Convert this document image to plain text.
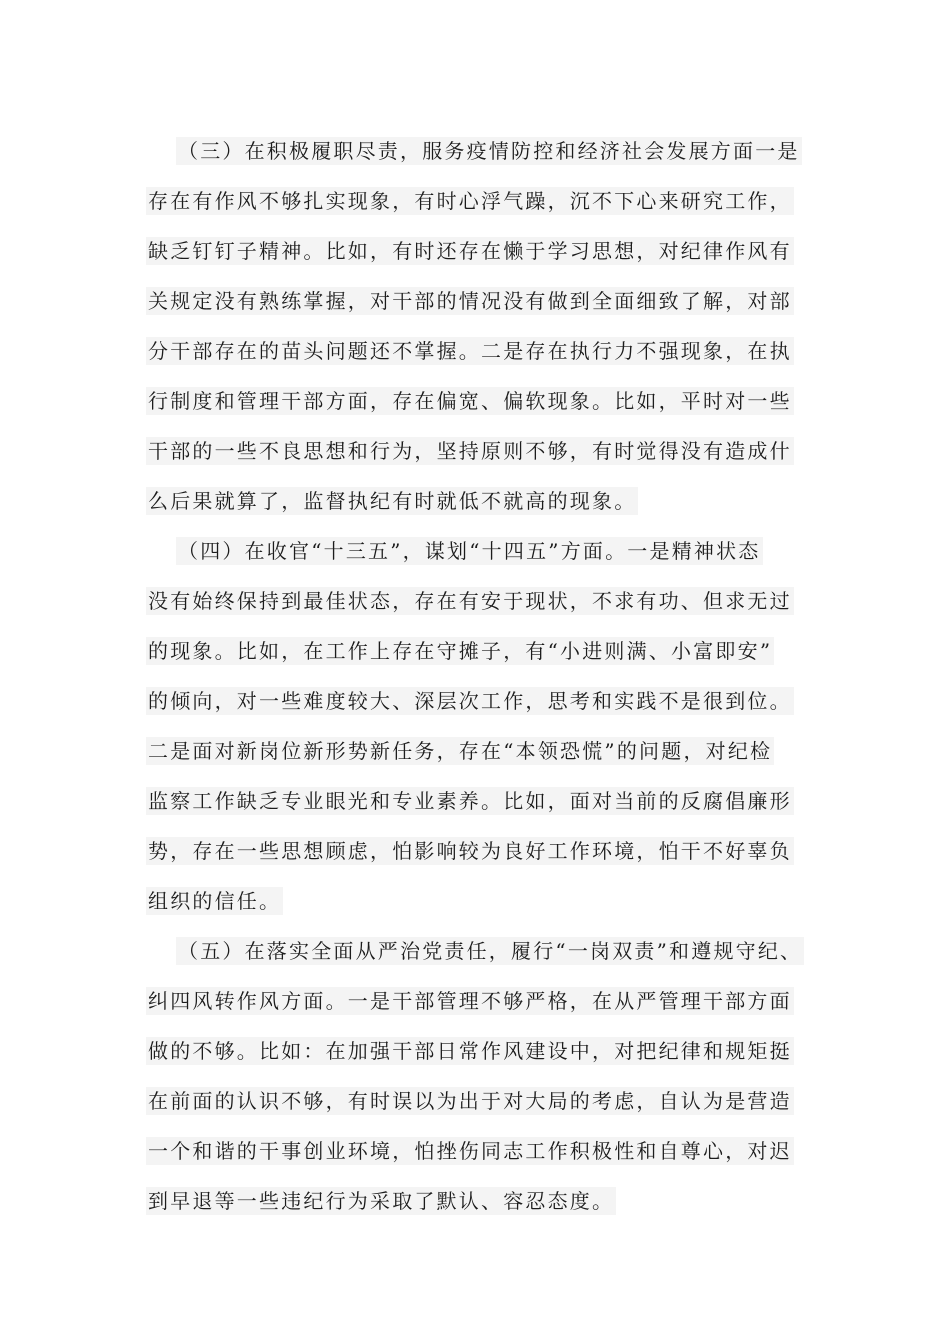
（三）在积极履职尽责，服务疫情防控和经济社会发展方面一是
存在有作风不够扎实现象，有时心浮气躁，沉不下心来研究工作，
缺乏钉钉子精神。比如，有时还存在懒于学习思想，对纪律作风有
关规定没有熟练掌握，对干部的情况没有做到全面细致了解，对部
分干部存在的苗头问题还不掌握。二是存在执行力不强现象，在执
行制度和管理干部方面，存在偏宽、偏软现象。比如，平时对一些
干部的一些不良思想和行为，坚持原则不够，有时觉得没有造成什
么后果就算了，监督执纪有时就低不就高的现象。
（四）在收官“十三五”，谋划“十四五”方面。一是精神状态
没有始终保持到最佳状态，存在有安于现状，不求有功、但求无过
的现象。比如，在工作上存在守摊子，有“小进则满、小富即安”
的倾向，对一些难度较大、深层次工作，思考和实践不是很到位。
二是面对新岗位新形势新任务，存在“本领恐慌”的问题，对纪检
监察工作缺乏专业眼光和专业素养。比如，面对当前的反腐倡廉形
势，存在一些思想顾虑，怕影响较为良好工作环境，怕干不好辜负
组织的信任。
（五）在落实全面从严治党责任，履行“一岗双责”和遵规守纪、
纠四风转作风方面。一是干部管理不够严格，在从严管理干部方面
做的不够。比如：在加强干部日常作风建设中，对把纪律和规矩挺
在前面的认识不够，有时误以为出于对大局的考虑，自认为是营造
一个和谐的干事创业环境，怕挫伤同志工作积极性和自尊心，对迟
到早退等一些违纪行为采取了默认、容忍态度。
